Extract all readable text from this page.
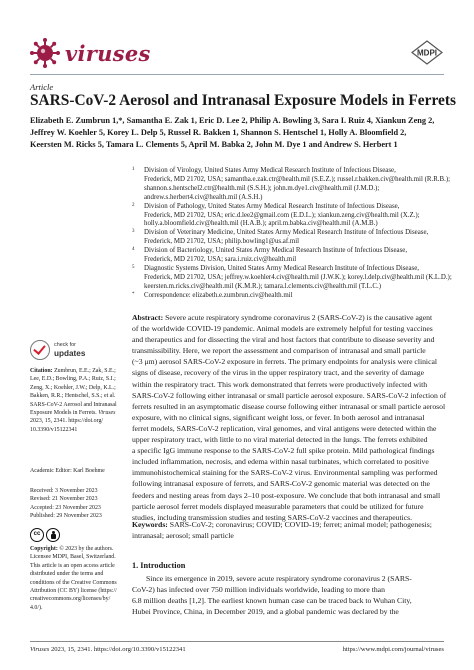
viruses	MDPI
Article
SARS-CoV-2 Aerosol and Intranasal Exposure Models in Ferrets
Elizabeth E. Zumbrun 1,*, Samantha E. Zak 1, Eric D. Lee 2, Philip A. Bowling 3, Sara I. Ruiz 4, Xiankun Zeng 2,
Jeffrey W. Koehler 5, Korey L. Delp 5, Russel R. Bakken 1, Shannon S. Hentschel 1, Holly A. Bloomfield 2,
Keersten M. Ricks 5, Tamara L. Clements 5, April M. Babka 2, John M. Dye 1 and Andrew S. Herbert 1
1 Division of Virology, United States Army Medical Research Institute of Infectious Disease,
Frederick, MD 21702, USA; samantha.e.zak.ctr@health.mil (S.E.Z.); russel.r.bakken.civ@health.mil (R.R.B.);
shannon.s.hentschel2.ctr@health.mil (S.S.H.); john.m.dye1.civ@health.mil (J.M.D.);
andrew.s.herbert4.civ@health.mil (A.S.H.)
2 Division of Pathology, United States Army Medical Research Institute of Infectious Disease,
Frederick, MD 21702, USA; eric.d.lee2@gmail.com (E.D.L.); xiankun.zeng.civ@health.mil (X.Z.);
holly.a.bloomfield.civ@health.mil (H.A.B.); april.m.babka.civ@health.mil (A.M.B.)
3 Division of Veterinary Medicine, United States Army Medical Research Institute of Infectious Disease,
Frederick, MD 21702, USA; philip.bowling1@us.af.mil
4 Division of Bacteriology, United States Army Medical Research Institute of Infectious Disease,
Frederick, MD 21702, USA; sara.i.ruiz.civ@health.mil
5 Diagnostic Systems Division, United States Army Medical Research Institute of Infectious Disease,
Frederick, MD 21702, USA; jeffrey.w.koehler4.civ@health.mil (J.W.K.); korey.l.delp.civ@health.mil (K.L.D.);
keersten.m.ricks.civ@health.mil (K.M.R.); tamara.l.clements.civ@health.mil (T.L.C.)
* Correspondence: elizabeth.e.zumbrun.civ@health.mil
check for
updates
Citation: Zumbrun, E.E.; Zak, S.E.;
Lee, E.D.; Bowling, P.A.; Ruiz, S.I.;
Zeng, X.; Koehler, J.W.; Delp, K.L.;
Bakken, R.R.; Hentschel, S.S.; et al.
SARS-CoV-2 Aerosol and Intranasal
Exposure Models in Ferrets. Viruses
2023, 15, 2341. https://doi.org/
10.3390/v15122341
Academic Editor: Karl Boehme
Received: 3 November 2023
Revised: 21 November 2023
Accepted: 23 November 2023
Published: 29 November 2023
cc
Copyright: © 2023 by the authors.
Licensee MDPI, Basel, Switzerland.
This article is an open access article
distributed under the terms and
conditions of the Creative Commons
Attribution (CC BY) license (https://
creativecommons.org/licenses/by/
4.0/).
Abstract: Severe acute respiratory syndrome coronavirus 2 (SARS-CoV-2) is the causative agent
of the worldwide COVID-19 pandemic. Animal models are extremely helpful for testing vaccines
and therapeutics and for dissecting the viral and host factors that contribute to disease severity and
transmissibility. Here, we report the assessment and comparison of intranasal and small particle
(~3 μm) aerosol SARS-CoV-2 exposure in ferrets. The primary endpoints for analysis were clinical
signs of disease, recovery of the virus in the upper respiratory tract, and the severity of damage
within the respiratory tract. This work demonstrated that ferrets were productively infected with
SARS-CoV-2 following either intranasal or small particle aerosol exposure. SARS-CoV-2 infection of
ferrets resulted in an asymptomatic disease course following either intranasal or small particle aerosol
exposure, with no clinical signs, significant weight loss, or fever. In both aerosol and intranasal
ferret models, SARS-CoV-2 replication, viral genomes, and viral antigens were detected within the
upper respiratory tract, with little to no viral material detected in the lungs. The ferrets exhibited
a specific IgG immune response to the SARS-CoV-2 full spike protein. Mild pathological findings
included inflammation, necrosis, and edema within nasal turbinates, which correlated to positive
immunohistochemical staining for the SARS-CoV-2 virus. Environmental sampling was performed
following intranasal exposure of ferrets, and SARS-CoV-2 genomic material was detected on the
feeders and nesting areas from days 2–10 post-exposure. We conclude that both intranasal and small
particle aerosol ferret models displayed measurable parameters that could be utilized for future
studies, including transmission studies and testing SARS-CoV-2 vaccines and therapeutics.
Keywords: SARS-CoV-2; coronavirus; COVID; COVID-19; ferret; animal model; pathogenesis;
intranasal; aerosol; small particle
1. Introduction
Since its emergence in 2019, severe acute respiratory syndrome coronavirus 2 (SARS-
CoV-2) has infected over 750 million individuals worldwide, leading to more than
6.8 million deaths [1,2]. The earliest known human case can be traced back to Wuhan City,
Hubei Province, China, in December 2019, and a global pandemic was declared by the
Viruses 2023, 15, 2341. https://doi.org/10.3390/v15122341	https://www.mdpi.com/journal/viruses
